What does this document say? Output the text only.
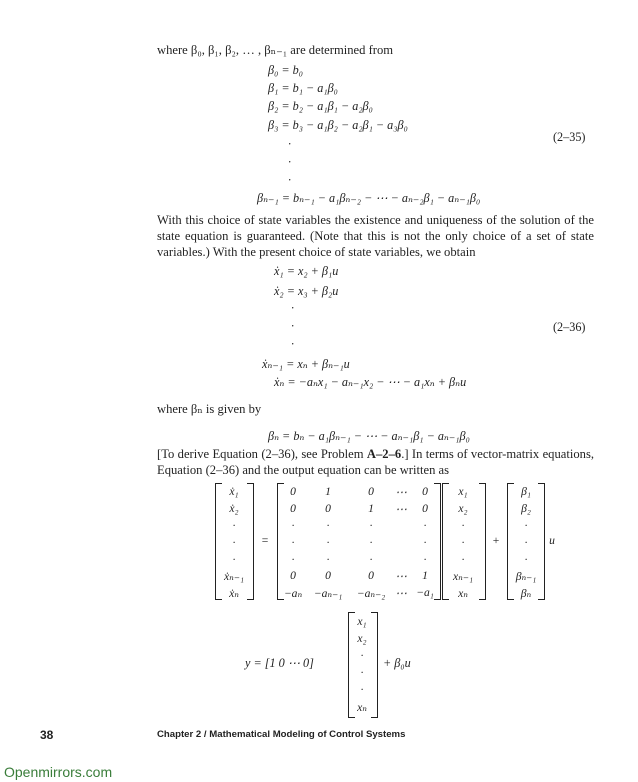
where β₀, β₁, β₂, … , βₙ₋₁ are determined from
β₀ = b₀
β₁ = b₁ − a₁β₀
β₂ = b₂ − a₁β₁ − a₂β₀
β₃ = b₃ − a₁β₂ − a₂β₁ − a₃β₀
·
·
·
βₙ₋₁ = bₙ₋₁ − a₁βₙ₋₂ − ⋯ − aₙ₋₂β₁ − aₙ₋₁β₀
(2–35)
With this choice of state variables the existence and uniqueness of the solution of the state equation is guaranteed. (Note that this is not the only choice of a set of state variables.) With the present choice of state variables, we obtain
ẋ₁ = x₂ + β₁u
ẋ₂ = x₃ + β₂u
·
·
·
ẋₙ₋₁ = xₙ + βₙ₋₁u
ẋₙ = −aₙx₁ − aₙ₋₁x₂ − ⋯ − a₁xₙ + βₙu
(2–36)
where βₙ is given by
βₙ = bₙ − a₁βₙ₋₁ − ⋯ − aₙ₋₁β₁ − aₙ₋₁β₀
[To derive Equation (2–36), see Problem A–2–6.] In terms of vector-matrix equations, Equation (2–36) and the output equation can be written as
=	+	u
ẋ₁
ẋ₂
·
·
·
ẋₙ₋₁
ẋₙ
0	1	0	⋯	0
0	0	1	⋯	0
·	·	·	·
·	·	·	·
·	·	·	·
0	0	0	⋯	1
−aₙ −aₙ₋₁	−aₙ₋₂ ⋯ −a₁
x₁
x₂
·
·
·
xₙ₋₁
xₙ
β₁
β₂
·
·
·
βₙ₋₁
βₙ
y = [1 0 ⋯ 0]
x₁
x₂
·
·
·
xₙ
+ β₀u
38	Chapter 2 / Mathematical Modeling of Control Systems
Openmirrors.com
